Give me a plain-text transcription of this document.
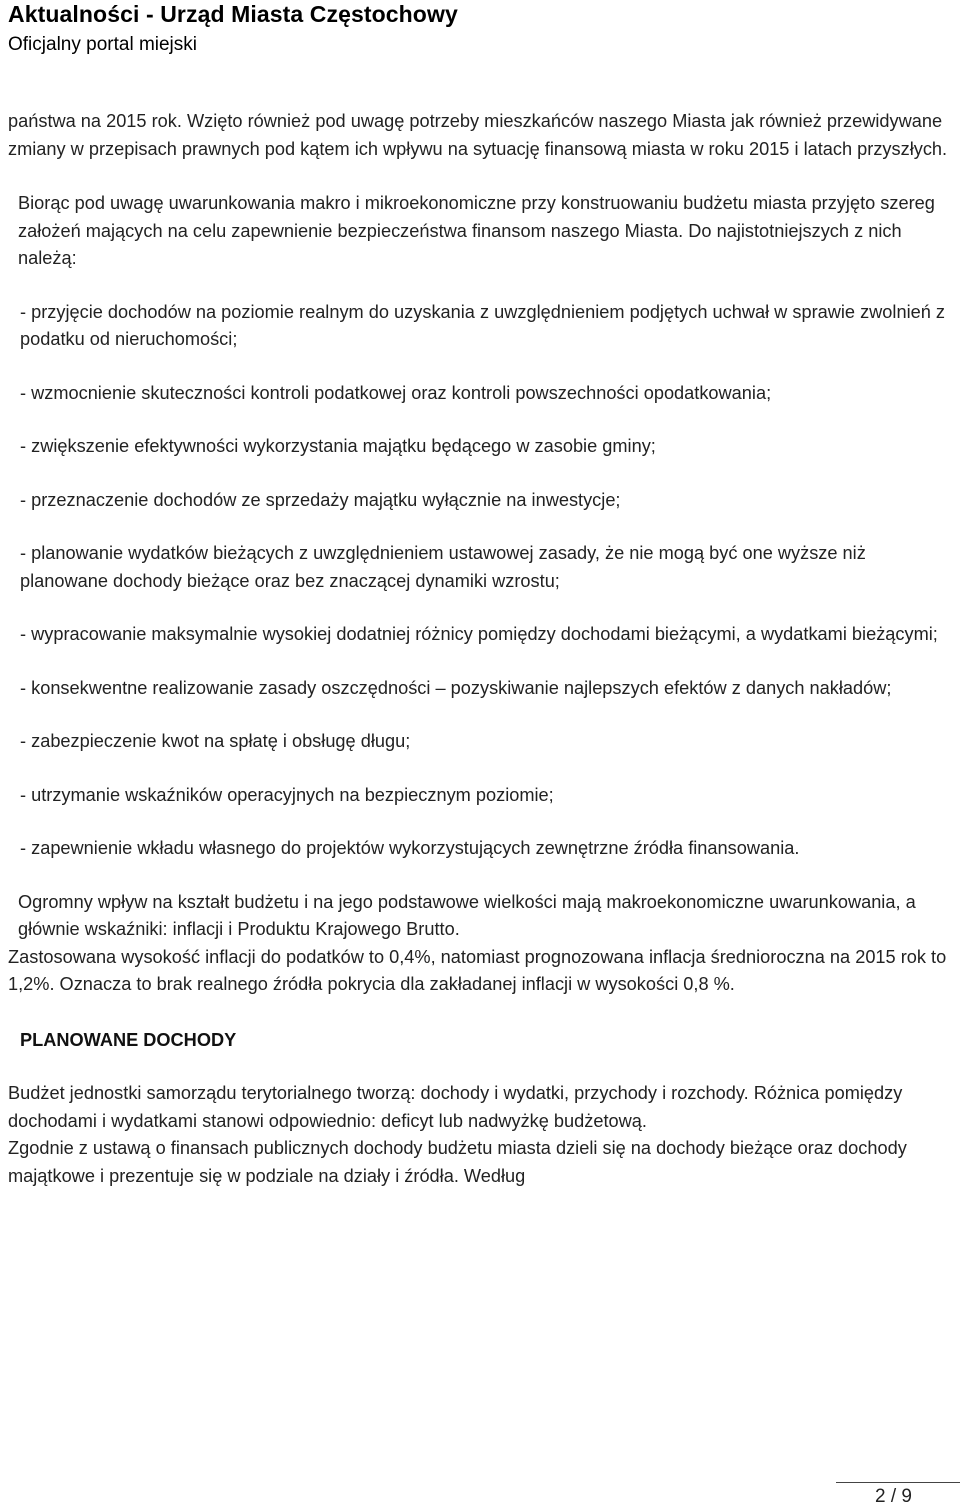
Aktualności - Urząd Miasta Częstochowy
Oficjalny portal miejski

państwa na 2015 rok. Wzięto również pod uwagę potrzeby mieszkańców naszego Miasta jak również przewidywane zmiany w przepisach prawnych pod kątem ich wpływu na sytuację finansową miasta w roku 2015 i latach przyszłych.

Biorąc pod uwagę uwarunkowania makro i mikroekonomiczne przy konstruowaniu budżetu miasta przyjęto szereg założeń mających na celu zapewnienie bezpieczeństwa finansom naszego Miasta. Do najistotniejszych z nich należą:

- przyjęcie dochodów na poziomie realnym do uzyskania z uwzględnieniem podjętych uchwał w sprawie zwolnień z podatku od nieruchomości;

- wzmocnienie skuteczności kontroli podatkowej oraz kontroli powszechności opodatkowania;

- zwiększenie efektywności wykorzystania majątku będącego w zasobie gminy;

- przeznaczenie dochodów ze sprzedaży majątku wyłącznie na inwestycje;

- planowanie wydatków bieżących z uwzględnieniem ustawowej zasady, że nie mogą być one wyższe niż planowane dochody bieżące oraz bez znaczącej dynamiki wzrostu;

- wypracowanie maksymalnie wysokiej dodatniej różnicy pomiędzy dochodami bieżącymi, a wydatkami bieżącymi;

- konsekwentne realizowanie zasady oszczędności – pozyskiwanie najlepszych efektów z danych nakładów;

- zabezpieczenie kwot na spłatę i obsługę długu;

- utrzymanie wskaźników operacyjnych na bezpiecznym poziomie;

- zapewnienie wkładu własnego do projektów wykorzystujących zewnętrzne źródła finansowania.

Ogromny wpływ na kształt budżetu i na jego podstawowe wielkości mają makroekonomiczne uwarunkowania, a głównie wskaźniki: inflacji i Produktu Krajowego Brutto.

Zastosowana wysokość inflacji do podatków to 0,4%, natomiast prognozowana inflacja średnioroczna na 2015 rok to 1,2%. Oznacza to brak realnego źródła pokrycia dla zakładanej inflacji w wysokości 0,8 %.

PLANOWANE DOCHODY

Budżet jednostki samorządu terytorialnego tworzą: dochody i wydatki, przychody i rozchody. Różnica pomiędzy dochodami i wydatkami stanowi odpowiednio: deficyt lub nadwyżkę budżetową.

Zgodnie z ustawą o finansach publicznych dochody budżetu miasta dzieli się na dochody bieżące oraz dochody majątkowe i prezentuje się w podziale na działy i źródła. Według

2 / 9
